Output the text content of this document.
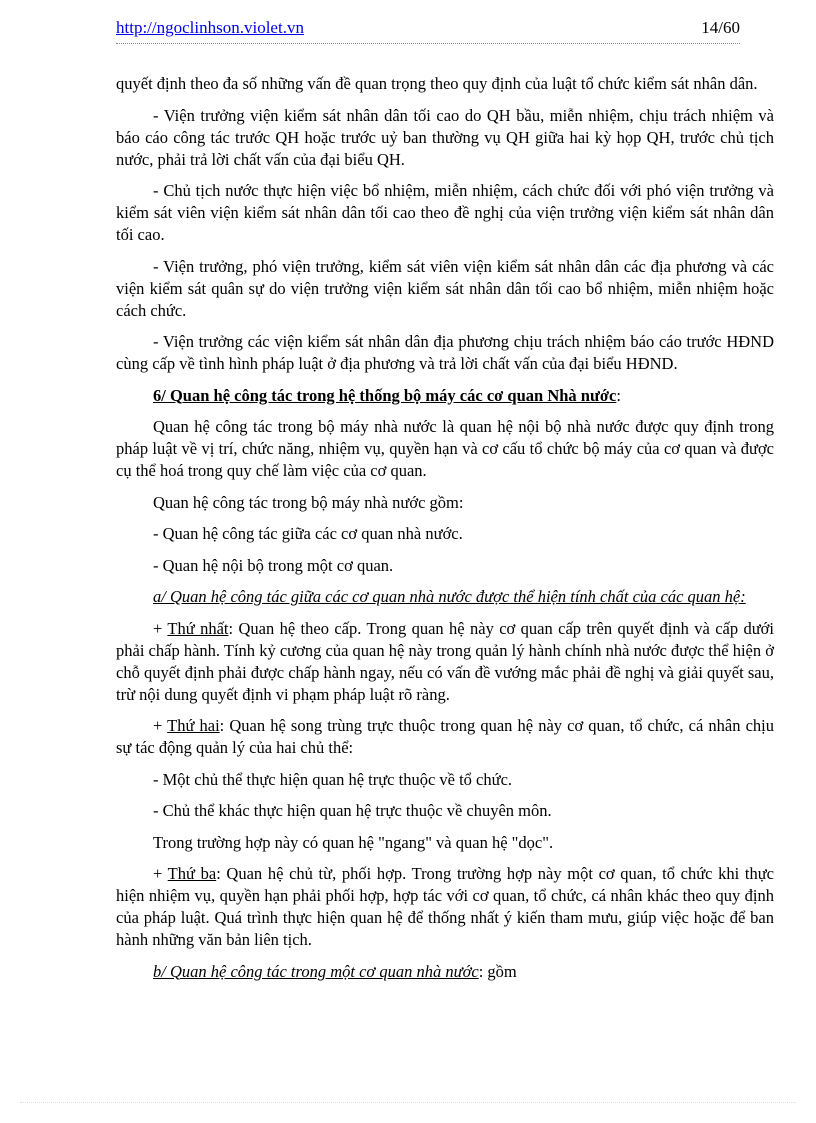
http://ngoclinhson.violet.vn	14/60

quyết định theo đa số những vấn đề quan trọng theo quy định của luật tổ chức kiểm sát nhân dân.

- Viện trưởng viện kiểm sát nhân dân tối cao do QH bầu, miễn nhiệm, chịu trách nhiệm và báo cáo công tác trước QH hoặc trước uỷ ban thường vụ QH giữa hai kỳ họp QH, trước chủ tịch nước, phải trả lời chất vấn của đại biểu QH.

- Chủ tịch nước thực hiện việc bổ nhiệm, miễn nhiệm, cách chức đối với phó viện trưởng và kiểm sát viên viện kiểm sát nhân dân tối cao theo đề nghị của viện trưởng viện kiểm sát nhân dân tối cao.

- Viện trưởng, phó viện trưởng, kiểm sát viên viện kiểm sát nhân dân các địa phương và các viện kiểm sát quân sự do viện trưởng viện kiểm sát nhân dân tối cao bổ nhiệm, miễn nhiệm hoặc cách chức.

- Viện trưởng các viện kiểm sát nhân dân địa phương chịu trách nhiệm báo cáo trước HĐND cùng cấp về tình hình pháp luật ở địa phương và trả lời chất vấn của đại biểu HĐND.

6/ Quan hệ công tác trong hệ thống bộ máy các cơ quan Nhà nước:

Quan hệ công tác trong bộ máy nhà nước là quan hệ nội bộ nhà nước được quy định trong pháp luật về vị trí, chức năng, nhiệm vụ, quyền hạn và cơ cấu tổ chức bộ máy của cơ quan và được cụ thể hoá trong quy chế làm việc của cơ quan.

Quan hệ công tác trong bộ máy nhà nước gồm:

- Quan hệ công tác giữa các cơ quan nhà nước.

- Quan hệ nội bộ trong một cơ quan.

a/ Quan hệ công tác giữa các cơ quan nhà nước được thể hiện tính chất của các quan hệ:

+ Thứ nhất: Quan hệ theo cấp. Trong quan hệ này cơ quan cấp trên quyết định và cấp dưới phải chấp hành. Tính kỷ cương của quan hệ này trong quản lý hành chính nhà nước được thể hiện ở chỗ quyết định phải được chấp hành ngay, nếu có vấn đề vướng mắc phải đề nghị và giải quyết sau, trừ nội dung quyết định vi phạm pháp luật rõ ràng.

+ Thứ hai: Quan hệ song trùng trực thuộc trong quan hệ này cơ quan, tổ chức, cá nhân chịu sự tác động quản lý của hai chủ thể:

- Một chủ thể thực hiện quan hệ trực thuộc về tổ chức.

- Chủ thể khác thực hiện quan hệ trực thuộc về chuyên môn.

Trong trường hợp này có quan hệ "ngang" và quan hệ "dọc".

+ Thứ ba: Quan hệ chủ từ, phối hợp. Trong trường hợp này một cơ quan, tổ chức khi thực hiện nhiệm vụ, quyền hạn phải phối hợp, hợp tác với cơ quan, tổ chức, cá nhân khác theo quy định của pháp luật. Quá trình thực hiện quan hệ để thống nhất ý kiến tham mưu, giúp việc hoặc để ban hành những văn bản liên tịch.

b/ Quan hệ công tác trong một cơ quan nhà nước: gồm
